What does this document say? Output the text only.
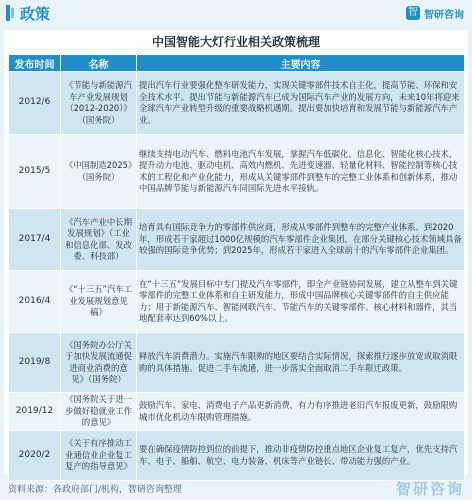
政策	智 智研咨询
中国智能大灯行业相关政策梳理
发布时间	名称	主要内容
2012/6	《节能与新能源汽车产业发展规划（2012-2020）》（国务院）	提出汽车行业要强化整车研发能力，实现关键零部件技术自主化，提高节能、环保和安全技术水平。提出节能与新能源汽车已成为国际汽车产业的发展方向，未来10年将迎来全球汽车产业转型升级的重要战略机遇期。提出要加快培育和发展节能与新能源汽车产业。
2015/5	《中国制造2025》（国务院）	继续支持电动汽车、燃料电池汽车发展，掌握汽车低碳化、信息化、智能化核心技术，提升动力电池、驱动电机、高效内燃机、先进变速器、轻量化材料、智能控制等核心技术的工程化和产业化能力，形成从关键零部件到整车的完整工业体系和创新体系，推动中国品牌节能与新能源汽车同国际先进水平接轨。
2017/4	《汽车产业中长期发展规划》（工业和信息化部、发改委、科技部）	培育具有国际竞争力的零部件供应商，形成从零部件到整车的完整产业体系。到2020年，形成若干家超过1000亿规模的汽车零部件企业集团，在部分关键核心技术领域具备较强的国际竞争优势；到2025年，形成若干家进入全球前十的汽车零部件企业集团。
2016/4	《“十三五”汽车工业发展规划意见稿》	在“十三五”发展目标中专门提及汽车零部件，即全产业链协同发展，建立从整车到关键零部件的完整工业体系和自主研发能力，形成中国品牌核心关键零部件的自主供应能力；用于新能源汽车、智能网联汽车、节能汽车的关键零部件、核心材料和器件，其当地配套率达到60%以上。
2019/8	《国务院办公厅关于加快发展流通促进商业消费的意见》（国务院）	释放汽车消费潜力。实施汽车限购的地区要结合实际情况，探索推行逐步放宽或取消限购的具体措施。促进二手车流通，进一步落实全面取消二手车限迁政策。
2019/12	《国务院关于进一步做好稳就业工作的意见》	鼓励汽车、家电、消费电子产品更新消费，有力有序推进老旧汽车报废更新，鼓励限购城市优化机动车限购管理措施。
2020/2	《关于有序推动工业通信业企业复工复产的指导意见》	要在确保疫情防控到位的前提下，推动非疫情防控重点地区企业复工复产，优先支持汽车、电子、船舶、航空、电力装备、机床等产业链长、带动能力强的产业。
资料来源：各政府部门/机构，智研咨询整理	智研咨询
